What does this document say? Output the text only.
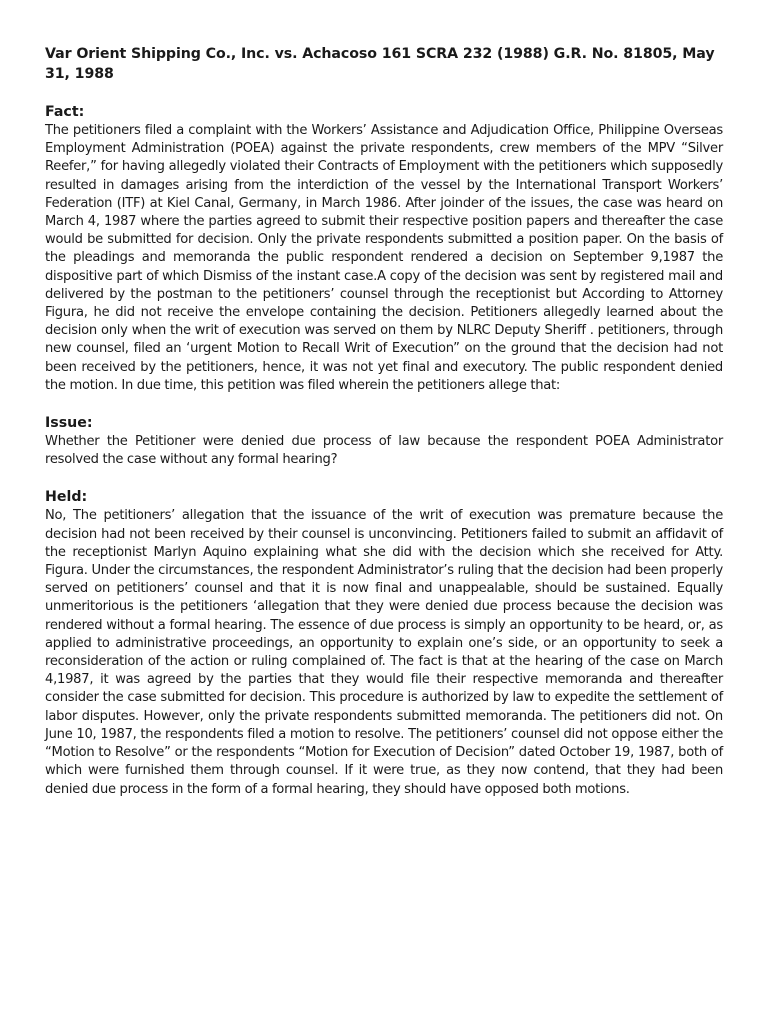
Var Orient Shipping Co., Inc. vs. Achacoso 161 SCRA 232 (1988) G.R. No. 81805, May 31, 1988
Fact:
The petitioners filed a complaint with the Workers’ Assistance and Adjudication Office, Philippine Overseas Employment Administration (POEA) against the private respondents, crew members of the MPV “Silver Reefer,” for having allegedly violated their Contracts of Employment with the petitioners which supposedly resulted in damages arising from the interdiction of the vessel by the International Transport Workers’ Federation (ITF) at Kiel Canal, Germany, in March 1986. After joinder of the issues, the case was heard on March 4, 1987 where the parties agreed to submit their respective position papers and thereafter the case would be submitted for decision. Only the private respondents submitted a position paper. On the basis of the pleadings and memoranda the public respondent rendered a decision on September 9,1987 the dispositive part of which Dismiss of the instant case.A copy of the decision was sent by registered mail and delivered by the postman to the petitioners’ counsel through the receptionist but According to Attorney Figura, he did not receive the envelope containing the decision. Petitioners allegedly learned about the decision only when the writ of execution was served on them by NLRC Deputy Sheriff . petitioners, through new counsel, filed an ‘urgent Motion to Recall Writ of Execution” on the ground that the decision had not been received by the petitioners, hence, it was not yet final and executory. The public respondent denied the motion. In due time, this petition was filed wherein the petitioners allege that:
Issue:
Whether the Petitioner were denied due process of law because the respondent POEA Administrator resolved the case without any formal hearing?
Held:
No, The petitioners’ allegation that the issuance of the writ of execution was premature because the decision had not been received by their counsel is unconvincing. Petitioners failed to submit an affidavit of the receptionist Marlyn Aquino explaining what she did with the decision which she received for Atty. Figura. Under the circumstances, the respondent Administrator’s ruling that the decision had been properly served on petitioners’ counsel and that it is now final and unappealable, should be sustained. Equally unmeritorious is the petitioners ‘allegation that they were denied due process because the decision was rendered without a formal hearing. The essence of due process is simply an opportunity to be heard, or, as applied to administrative proceedings, an opportunity to explain one’s side, or an opportunity to seek a reconsideration of the action or ruling complained of. The fact is that at the hearing of the case on March 4,1987, it was agreed by the parties that they would file their respective memoranda and thereafter consider the case submitted for decision. This procedure is authorized by law to expedite the settlement of labor disputes. However, only the private respondents submitted memoranda. The petitioners did not. On June 10, 1987, the respondents filed a motion to resolve. The petitioners’ counsel did not oppose either the “Motion to Resolve” or the respondents “Motion for Execution of Decision” dated October 19, 1987, both of which were furnished them through counsel. If it were true, as they now contend, that they had been denied due process in the form of a formal hearing, they should have opposed both motions.
